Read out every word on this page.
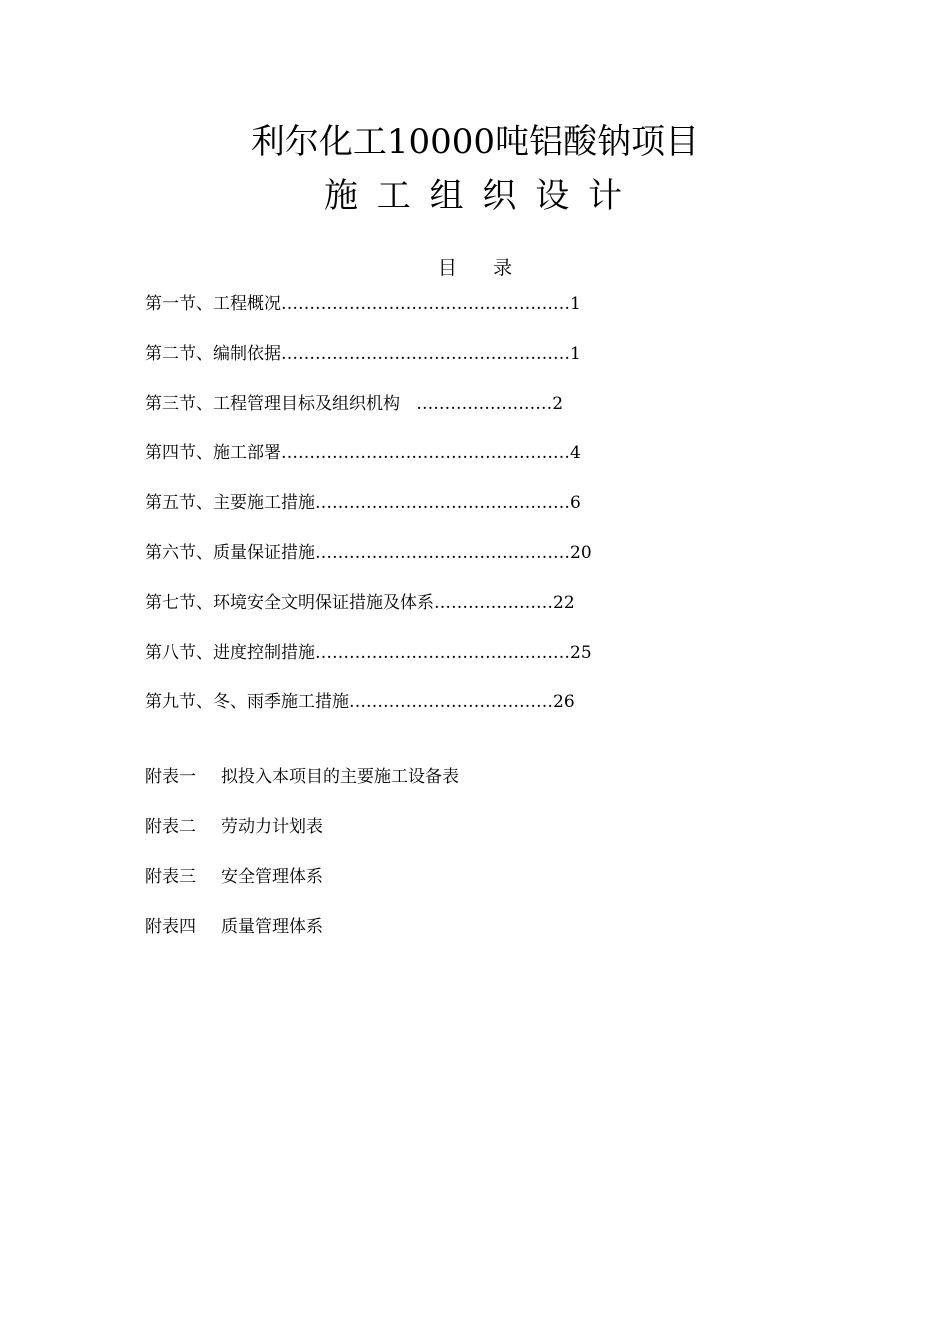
利尔化工10000吨铝酸钠项目
施 工 组 织 设 计
目      录
第一节、工程概况……………………………………………1
第二节、编制依据……………………………………………1
第三节、工程管理目标及组织机构   ……………………2
第四节、施工部署……………………………………………4
第五节、主要施工措施………………………………………6
第六节、质量保证措施………………………………………20
第七节、环境安全文明保证措施及体系…………………22
第八节、进度控制措施………………………………………25
第九节、冬、雨季施工措施………………………………26
附表一 拟投入本项目的主要施工设备表
附表二 劳动力计划表
附表三 安全管理体系
附表四 质量管理体系
